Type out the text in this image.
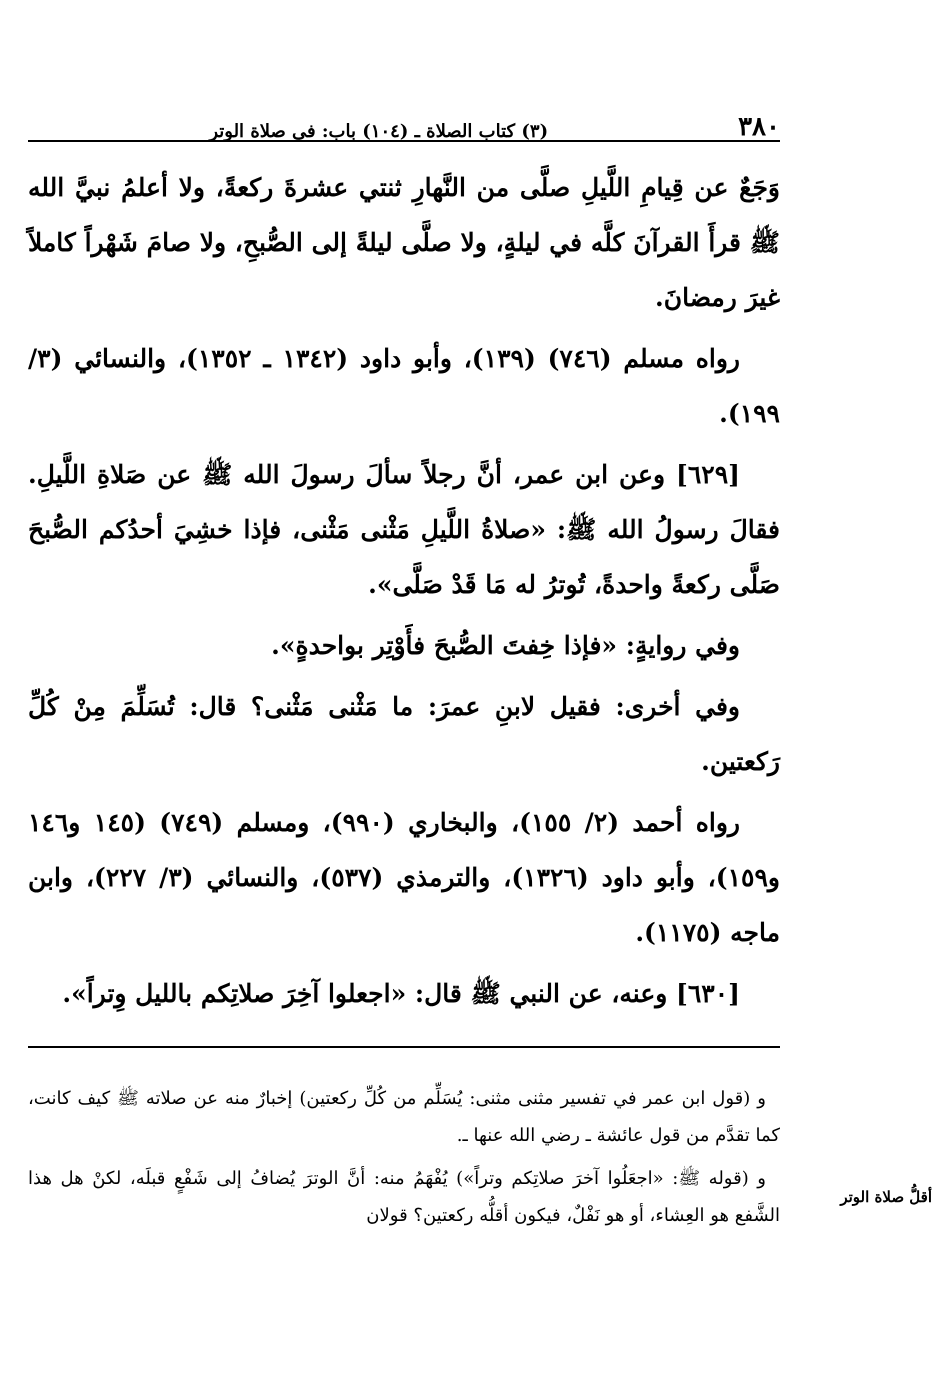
٣٨٠
(٣) كتاب الصلاة ـ (١٠٤) باب: في صلاة الوتر

وَجَعٌ عن قِيامِ اللَّيلِ صلَّى من النَّهارِ ثنتي عشرةَ ركعةً، ولا أعلمُ نبيَّ الله ﷺ قرأَ القرآنَ كلَّه في ليلةٍ، ولا صلَّى ليلةً إلى الصُّبحِ، ولا صامَ شَهْراً كاملاً غيرَ رمضانَ.

رواه مسلم (٧٤٦) (١٣٩)، وأبو داود (١٣٤٢ ـ ١٣٥٢)، والنسائي (٣/ ١٩٩).

[٦٢٩] وعن ابن عمر، أنَّ رجلاً سألَ رسولَ الله ﷺ عن صَلاةِ اللَّيلِ. فقالَ رسولُ الله ﷺ: «صلاةُ اللَّيلِ مَثْنى مَثْنى، فإذا خشِيَ أحدُكم الصُّبحَ صَلَّى ركعةً واحدةً، تُوترُ له مَا قَدْ صَلَّى».

وفي روايةٍ: «فإذا خِفتَ الصُّبحَ فأَوْتِر بواحدةٍ».

وفي أخرى: فقيل لابنِ عمرَ: ما مَثْنى مَثْنى؟ قال: تُسَلِّمَ مِنْ كُلِّ رَكعتين.

رواه أحمد (٢/ ١٥٥)، والبخاري (٩٩٠)، ومسلم (٧٤٩) (١٤٥ و١٤٦ و١٥٩)، وأبو داود (١٣٢٦)، والترمذي (٥٣٧)، والنسائي (٣/ ٢٢٧)، وابن ماجه (١١٧٥).

[٦٣٠] وعنه، عن النبي ﷺ قال: «اجعلوا آخِرَ صلاتِكم بالليل وِتراً».

و (قول ابن عمر في تفسير مثنى مثنى: يُسَلِّم من كُلِّ ركعتين) إخبارٌ منه عن صلاته ﷺ كيف كانت، كما تقدَّم من قول عائشة ـ رضي الله عنها ـ.

و (قوله ﷺ: «اجعَلُوا آخرَ صلاتِكم وتراً») يُفْهَمُ منه: أنَّ الوترَ يُضافُ إلى شَفْعٍ قبلَه، لكنْ هل هذا الشَّفع هو العِشاء، أو هو نَفْلٌ، فيكون أقلُّه ركعتين؟ قولان

أقلُّ صلاة الوتر
